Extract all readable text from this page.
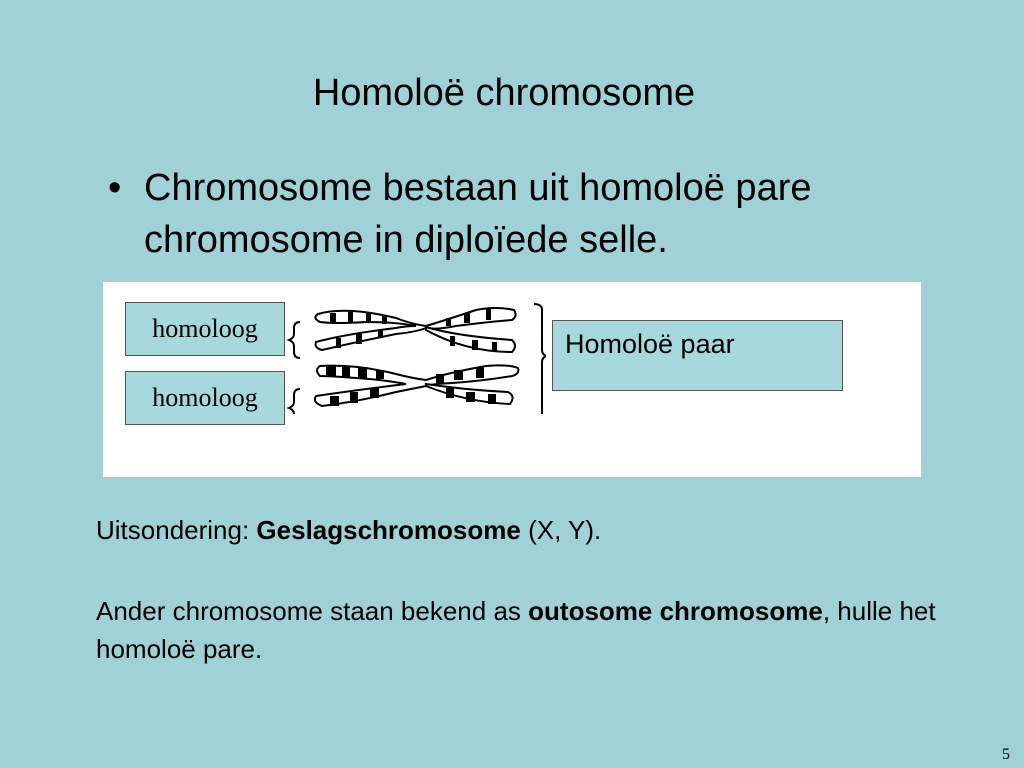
Homoloë chromosome
• Chromosome bestaan uit homoloë pare chromosome in diploïede selle.
homoloog
homoloog
Homoloë paar
Uitsondering: Geslagschromosome (X, Y).
Ander chromosome staan bekend as outosome chromosome, hulle het homoloë pare.
5
